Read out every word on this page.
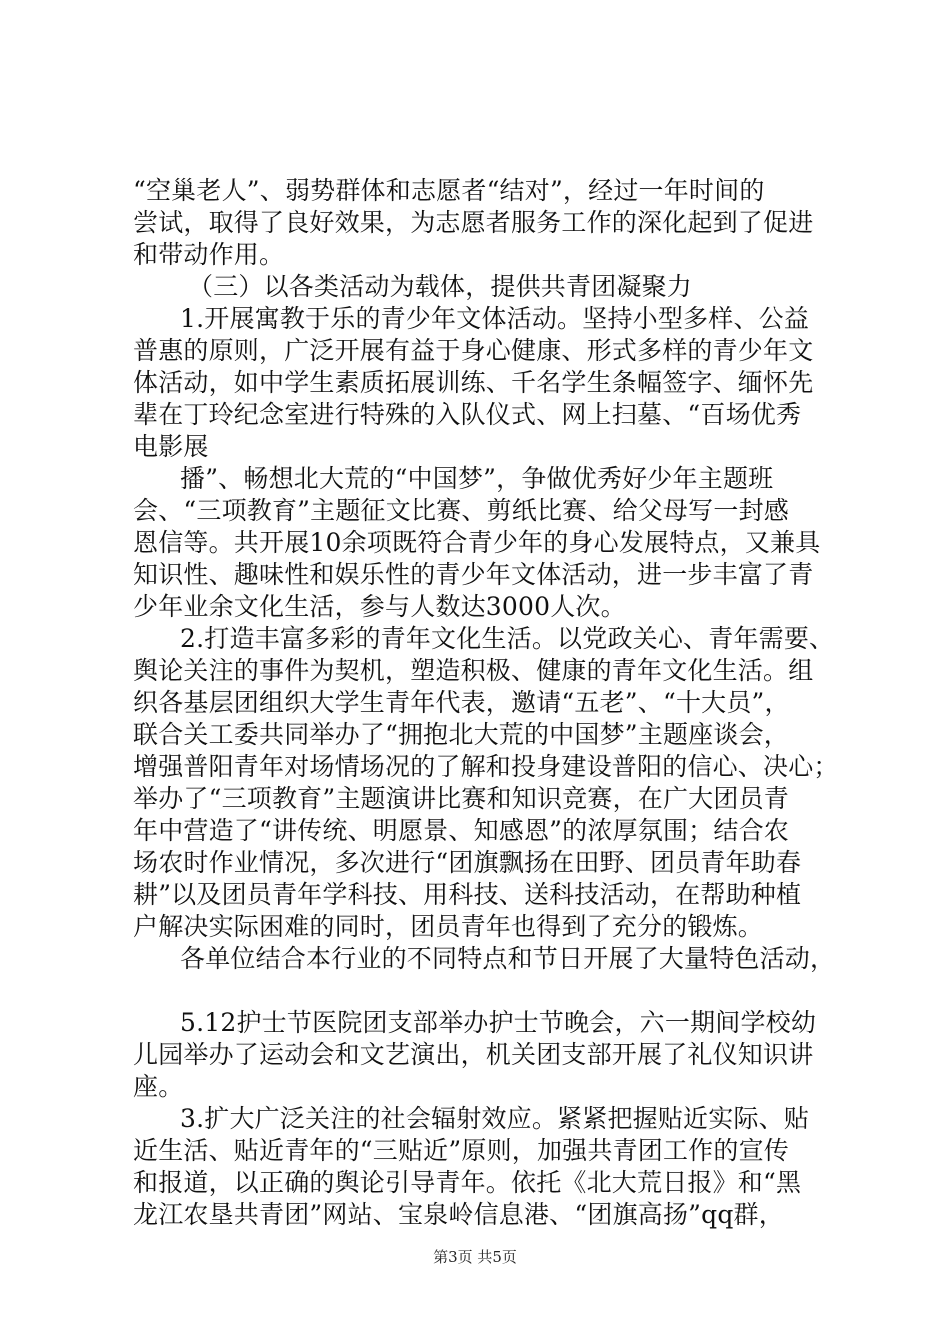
“空巢老人”、弱势群体和志愿者“结对”，经过一年时间的
尝试，取得了良好效果，为志愿者服务工作的深化起到了促进
和带动作用。
（三）以各类活动为载体，提供共青团凝聚力
1.开展寓教于乐的青少年文体活动。坚持小型多样、公益
普惠的原则，广泛开展有益于身心健康、形式多样的青少年文
体活动，如中学生素质拓展训练、千名学生条幅签字、缅怀先
辈在丁玲纪念室进行特殊的入队仪式、网上扫墓、“百场优秀
电影展
播”、畅想北大荒的“中国梦”，争做优秀好少年主题班
会、“三项教育”主题征文比赛、剪纸比赛、给父母写一封感
恩信等。共开展10余项既符合青少年的身心发展特点，又兼具
知识性、趣味性和娱乐性的青少年文体活动，进一步丰富了青
少年业余文化生活，参与人数达3000人次。
2.打造丰富多彩的青年文化生活。以党政关心、青年需要、
舆论关注的事件为契机，塑造积极、健康的青年文化生活。组
织各基层团组织大学生青年代表，邀请“五老”、“十大员”，
联合关工委共同举办了“拥抱北大荒的中国梦”主题座谈会，
增强普阳青年对场情场况的了解和投身建设普阳的信心、决心；
举办了“三项教育”主题演讲比赛和知识竞赛，在广大团员青
年中营造了“讲传统、明愿景、知感恩”的浓厚氛围；结合农
场农时作业情况，多次进行“团旗飘扬在田野、团员青年助春
耕”以及团员青年学科技、用科技、送科技活动，在帮助种植
户解决实际困难的同时，团员青年也得到了充分的锻炼。
各单位结合本行业的不同特点和节日开展了大量特色活动，
5.12护士节医院团支部举办护士节晚会，六一期间学校幼
儿园举办了运动会和文艺演出，机关团支部开展了礼仪知识讲
座。
3.扩大广泛关注的社会辐射效应。紧紧把握贴近实际、贴
近生活、贴近青年的“三贴近”原则，加强共青团工作的宣传
和报道，以正确的舆论引导青年。依托《北大荒日报》和“黑
龙江农垦共青团”网站、宝泉岭信息港、“团旗高扬”qq群，
第3页 共5页
